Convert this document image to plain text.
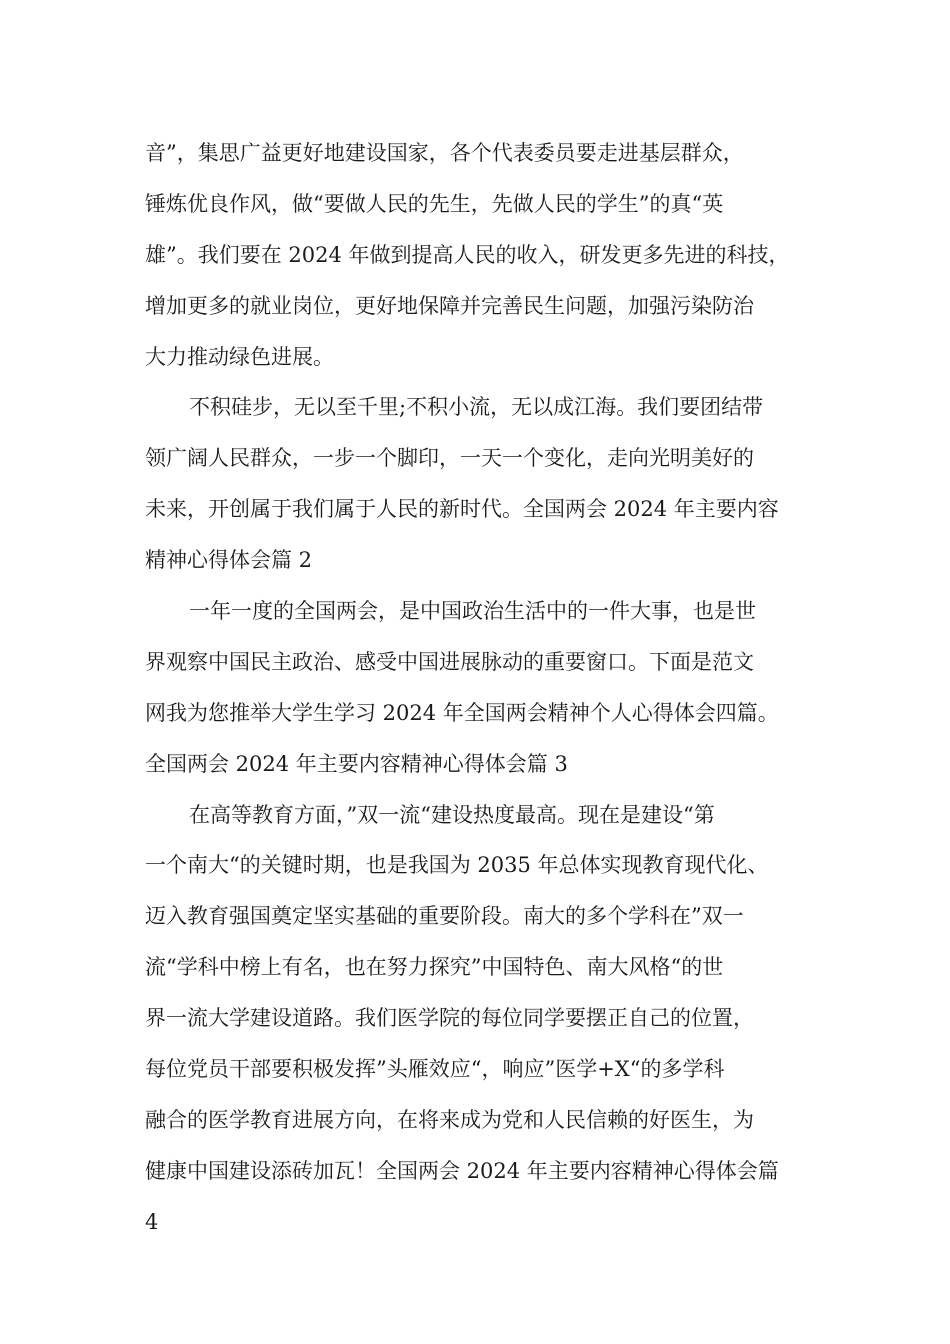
音”，集思广益更好地建设国家，各个代表委员要走进基层群众，
锤炼优良作风，做“要做人民的先生，先做人民的学生”的真“英
雄”。我们要在 2024 年做到提高人民的收入，研发更多先进的科技，
增加更多的就业岗位，更好地保障并完善民生问题，加强污染防治
大力推动绿色进展。
不积硅步，无以至千里;不积小流，无以成江海。我们要团结带
领广阔人民群众，一步一个脚印，一天一个变化，走向光明美好的
未来，开创属于我们属于人民的新时代。全国两会 2024 年主要内容
精神心得体会篇 2
一年一度的全国两会，是中国政治生活中的一件大事，也是世
界观察中国民主政治、感受中国进展脉动的重要窗口。下面是范文
网我为您推举大学生学习 2024 年全国两会精神个人心得体会四篇。
全国两会 2024 年主要内容精神心得体会篇 3
在高等教育方面，”双一流“建设热度最高。现在是建设“第
一个南大“的关键时期，也是我国为 2035 年总体实现教育现代化、
迈入教育强国奠定坚实基础的重要阶段。南大的多个学科在”双一
流“学科中榜上有名，也在努力探究”中国特色、南大风格“的世
界一流大学建设道路。我们医学院的每位同学要摆正自己的位置，
每位党员干部要积极发挥”头雁效应“，响应”医学+X“的多学科
融合的医学教育进展方向，在将来成为党和人民信赖的好医生，为
健康中国建设添砖加瓦！全国两会 2024 年主要内容精神心得体会篇
4
